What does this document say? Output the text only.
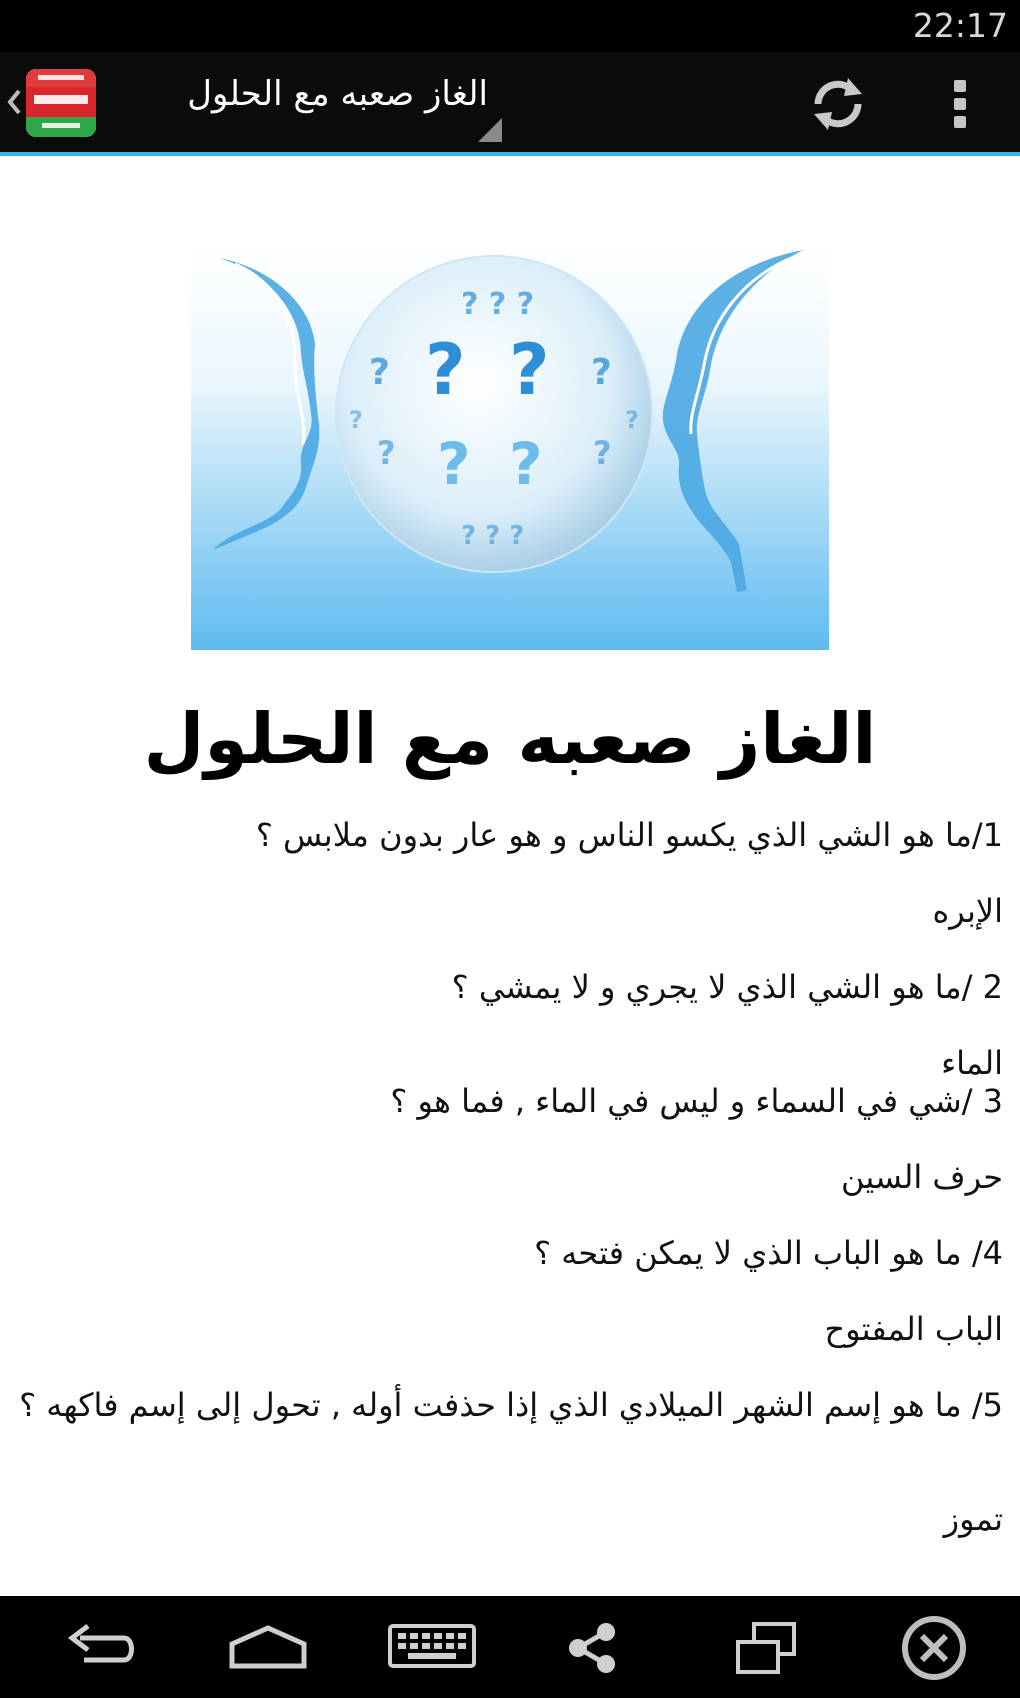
22:17
الغاز صعبه مع الحلول
? ?
? ?
?	?
?	?
? ? ?
? ? ?
?	?
الغاز صعبه مع الحلول

1/ما هو الشي الذي يكسو الناس و هو عار بدون ملابس ؟

الإبره

2 /ما هو الشي الذي لا يجري و لا يمشي ؟

الماء

3 /شي في السماء و ليس في الماء , فما هو ؟

حرف السين

4/ ما هو الباب الذي لا يمكن فتحه ؟

الباب المفتوح

5/ ما هو إسم الشهر الميلادي الذي إذا حذفت أوله , تحول إلى إسم فاكهه ؟

تموز
